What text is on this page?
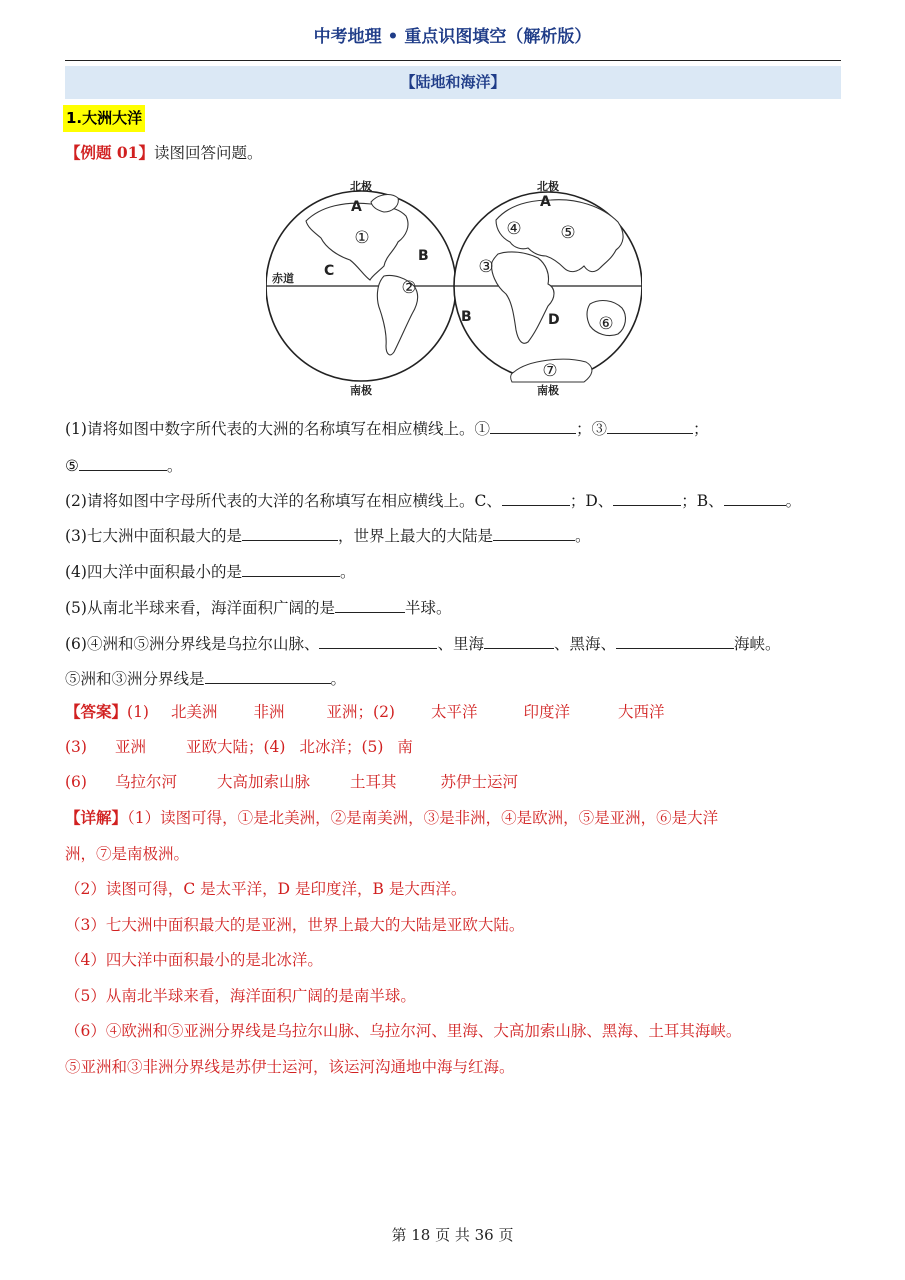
中考地理 • 重点识图填空（解析版）
【陆地和海洋】
1.大洲大洋
【例题 01】读图回答问题。
北极	北极
南极	南极
赤道
A	A
B
B
C
D
①
②
③
④ ⑤
⑥
⑦
(1)请将如图中数字所代表的大洲的名称填写在相应横线上。①	；③	；
⑤	。
(2)请将如图中字母所代表的大洋的名称填写在相应横线上。C、	；D、	；B、	。
(3)七大洲中面积最大的是	，世界上最大的大陆是	。
(4)四大洋中面积最小的是	。
(5)从南北半球来看，海洋面积广阔的是	半球。
(6)④洲和⑤洲分界线是乌拉尔山脉、	、里海	、黑海、	海峡。
⑤洲和③洲分界线是	。
【答案】(1) 北美洲 非洲	亚洲；(2) 太平洋	印度洋	大西洋
(3) 亚洲	亚欧大陆；(4) 北冰洋；(5) 南
(6) 乌拉尔河	大高加索山脉	土耳其	苏伊士运河
【详解】（1）读图可得，①是北美洲，②是南美洲，③是非洲，④是欧洲，⑤是亚洲，⑥是大洋
洲，⑦是南极洲。
（2）读图可得，C 是太平洋，D 是印度洋，B 是大西洋。
（3）七大洲中面积最大的是亚洲，世界上最大的大陆是亚欧大陆。
（4）四大洋中面积最小的是北冰洋。
（5）从南北半球来看，海洋面积广阔的是南半球。
（6）④欧洲和⑤亚洲分界线是乌拉尔山脉、乌拉尔河、里海、大高加索山脉、黑海、土耳其海峡。
⑤亚洲和③非洲分界线是苏伊士运河，该运河沟通地中海与红海。
第 18 页 共 36 页
